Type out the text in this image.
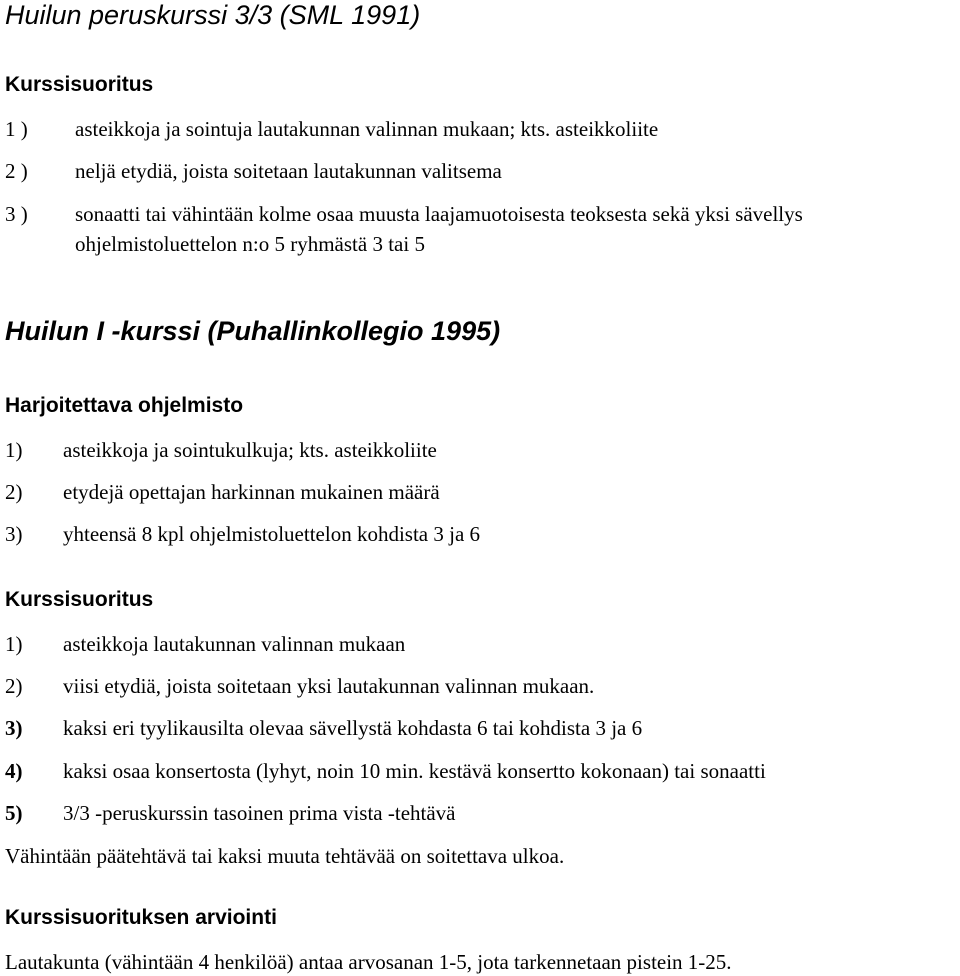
Huilun peruskurssi 3/3 (SML 1991)
Kurssisuoritus
1 ) asteikkoja ja sointuja lautakunnan valinnan mukaan; kts. asteikkoliite
2 ) neljä etydiä, joista soitetaan lautakunnan valitsema
3 ) sonaatti tai vähintään kolme osaa muusta laajamuotoisesta teoksesta sekä yksi sävellys
ohjelmistoluettelon n:o 5 ryhmästä 3 tai 5
Huilun I -kurssi (Puhallinkollegio 1995)
Harjoitettava ohjelmisto
1) asteikkoja ja sointukulkuja; kts. asteikkoliite
2) etydejä opettajan harkinnan mukainen määrä
3) yhteensä 8 kpl ohjelmistoluettelon kohdista 3 ja 6
Kurssisuoritus
1) asteikkoja lautakunnan valinnan mukaan
2) viisi etydiä, joista soitetaan yksi lautakunnan valinnan mukaan.
3) kaksi eri tyylikausilta olevaa sävellystä kohdasta 6 tai kohdista 3 ja 6
4) kaksi osaa konsertosta (lyhyt, noin 10 min. kestävä konsertto kokonaan) tai sonaatti
5) 3/3 -peruskurssin tasoinen prima vista -tehtävä
Vähintään päätehtävä tai kaksi muuta tehtävää on soitettava ulkoa.
Kurssisuorituksen arviointi
Lautakunta (vähintään 4 henkilöä) antaa arvosanan 1-5, jota tarkennetaan pistein 1-25.
